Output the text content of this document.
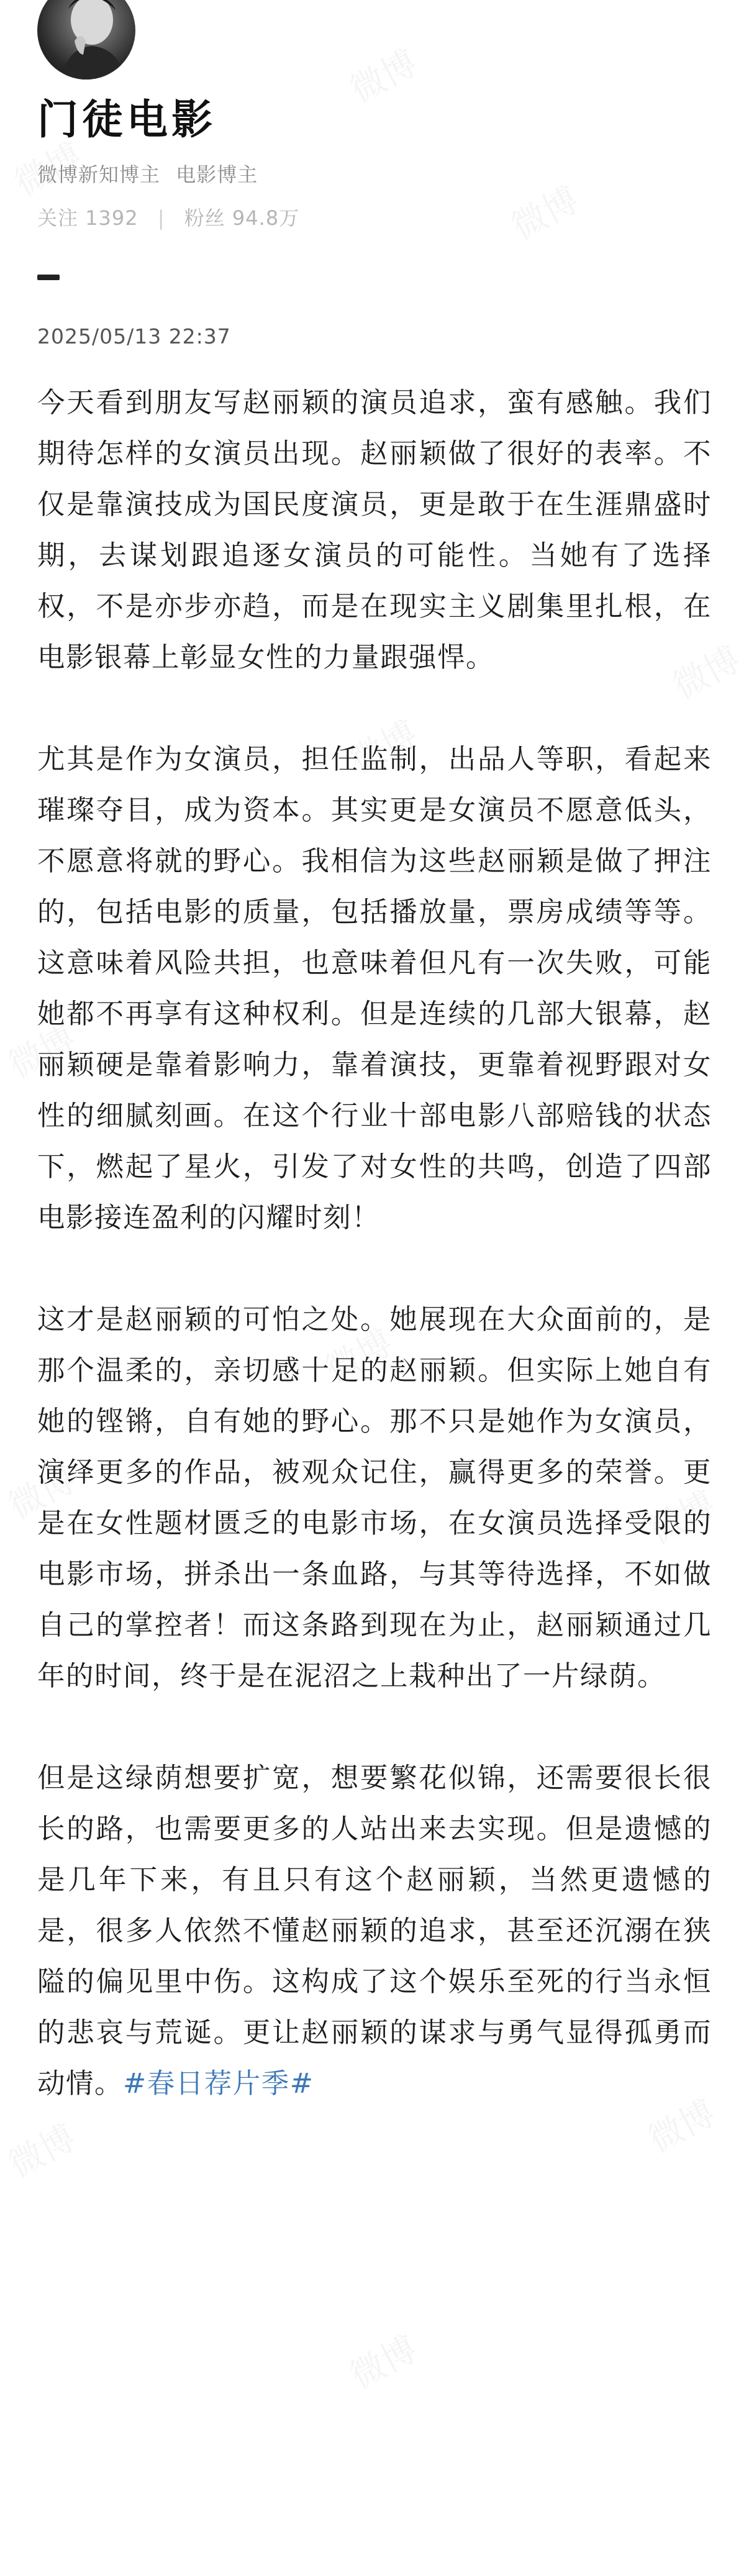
门徒电影
微博新知博主 电影博主
关注 1392 | 粉丝 94.8万
2025/05/13 22:37

今天看到朋友写赵丽颖的演员追求，蛮有感触。我们期待怎样的女演员出现。赵丽颖做了很好的表率。不仅是靠演技成为国民度演员，更是敢于在生涯鼎盛时期，去谋划跟追逐女演员的可能性。当她有了选择权，不是亦步亦趋，而是在现实主义剧集里扎根，在电影银幕上彰显女性的力量跟强悍。

尤其是作为女演员，担任监制，出品人等职，看起来璀璨夺目，成为资本。其实更是女演员不愿意低头，不愿意将就的野心。我相信为这些赵丽颖是做了押注的，包括电影的质量，包括播放量，票房成绩等等。这意味着风险共担，也意味着但凡有一次失败，可能她都不再享有这种权利。但是连续的几部大银幕，赵丽颖硬是靠着影响力，靠着演技，更靠着视野跟对女性的细腻刻画。在这个行业十部电影八部赔钱的状态下，燃起了星火，引发了对女性的共鸣，创造了四部电影接连盈利的闪耀时刻！

这才是赵丽颖的可怕之处。她展现在大众面前的，是那个温柔的，亲切感十足的赵丽颖。但实际上她自有她的铿锵，自有她的野心。那不只是她作为女演员，演绎更多的作品，被观众记住，赢得更多的荣誉。更是在女性题材匮乏的电影市场，在女演员选择受限的电影市场，拼杀出一条血路，与其等待选择，不如做自己的掌控者！而这条路到现在为止，赵丽颖通过几年的时间，终于是在泥沼之上栽种出了一片绿荫。

但是这绿荫想要扩宽，想要繁花似锦，还需要很长很长的路，也需要更多的人站出来去实现。但是遗憾的是几年下来，有且只有这个赵丽颖，当然更遗憾的是，很多人依然不懂赵丽颖的追求，甚至还沉溺在狭隘的偏见里中伤。这构成了这个娱乐至死的行当永恒的悲哀与荒诞。更让赵丽颖的谋求与勇气显得孤勇而动情。#春日荐片季#
